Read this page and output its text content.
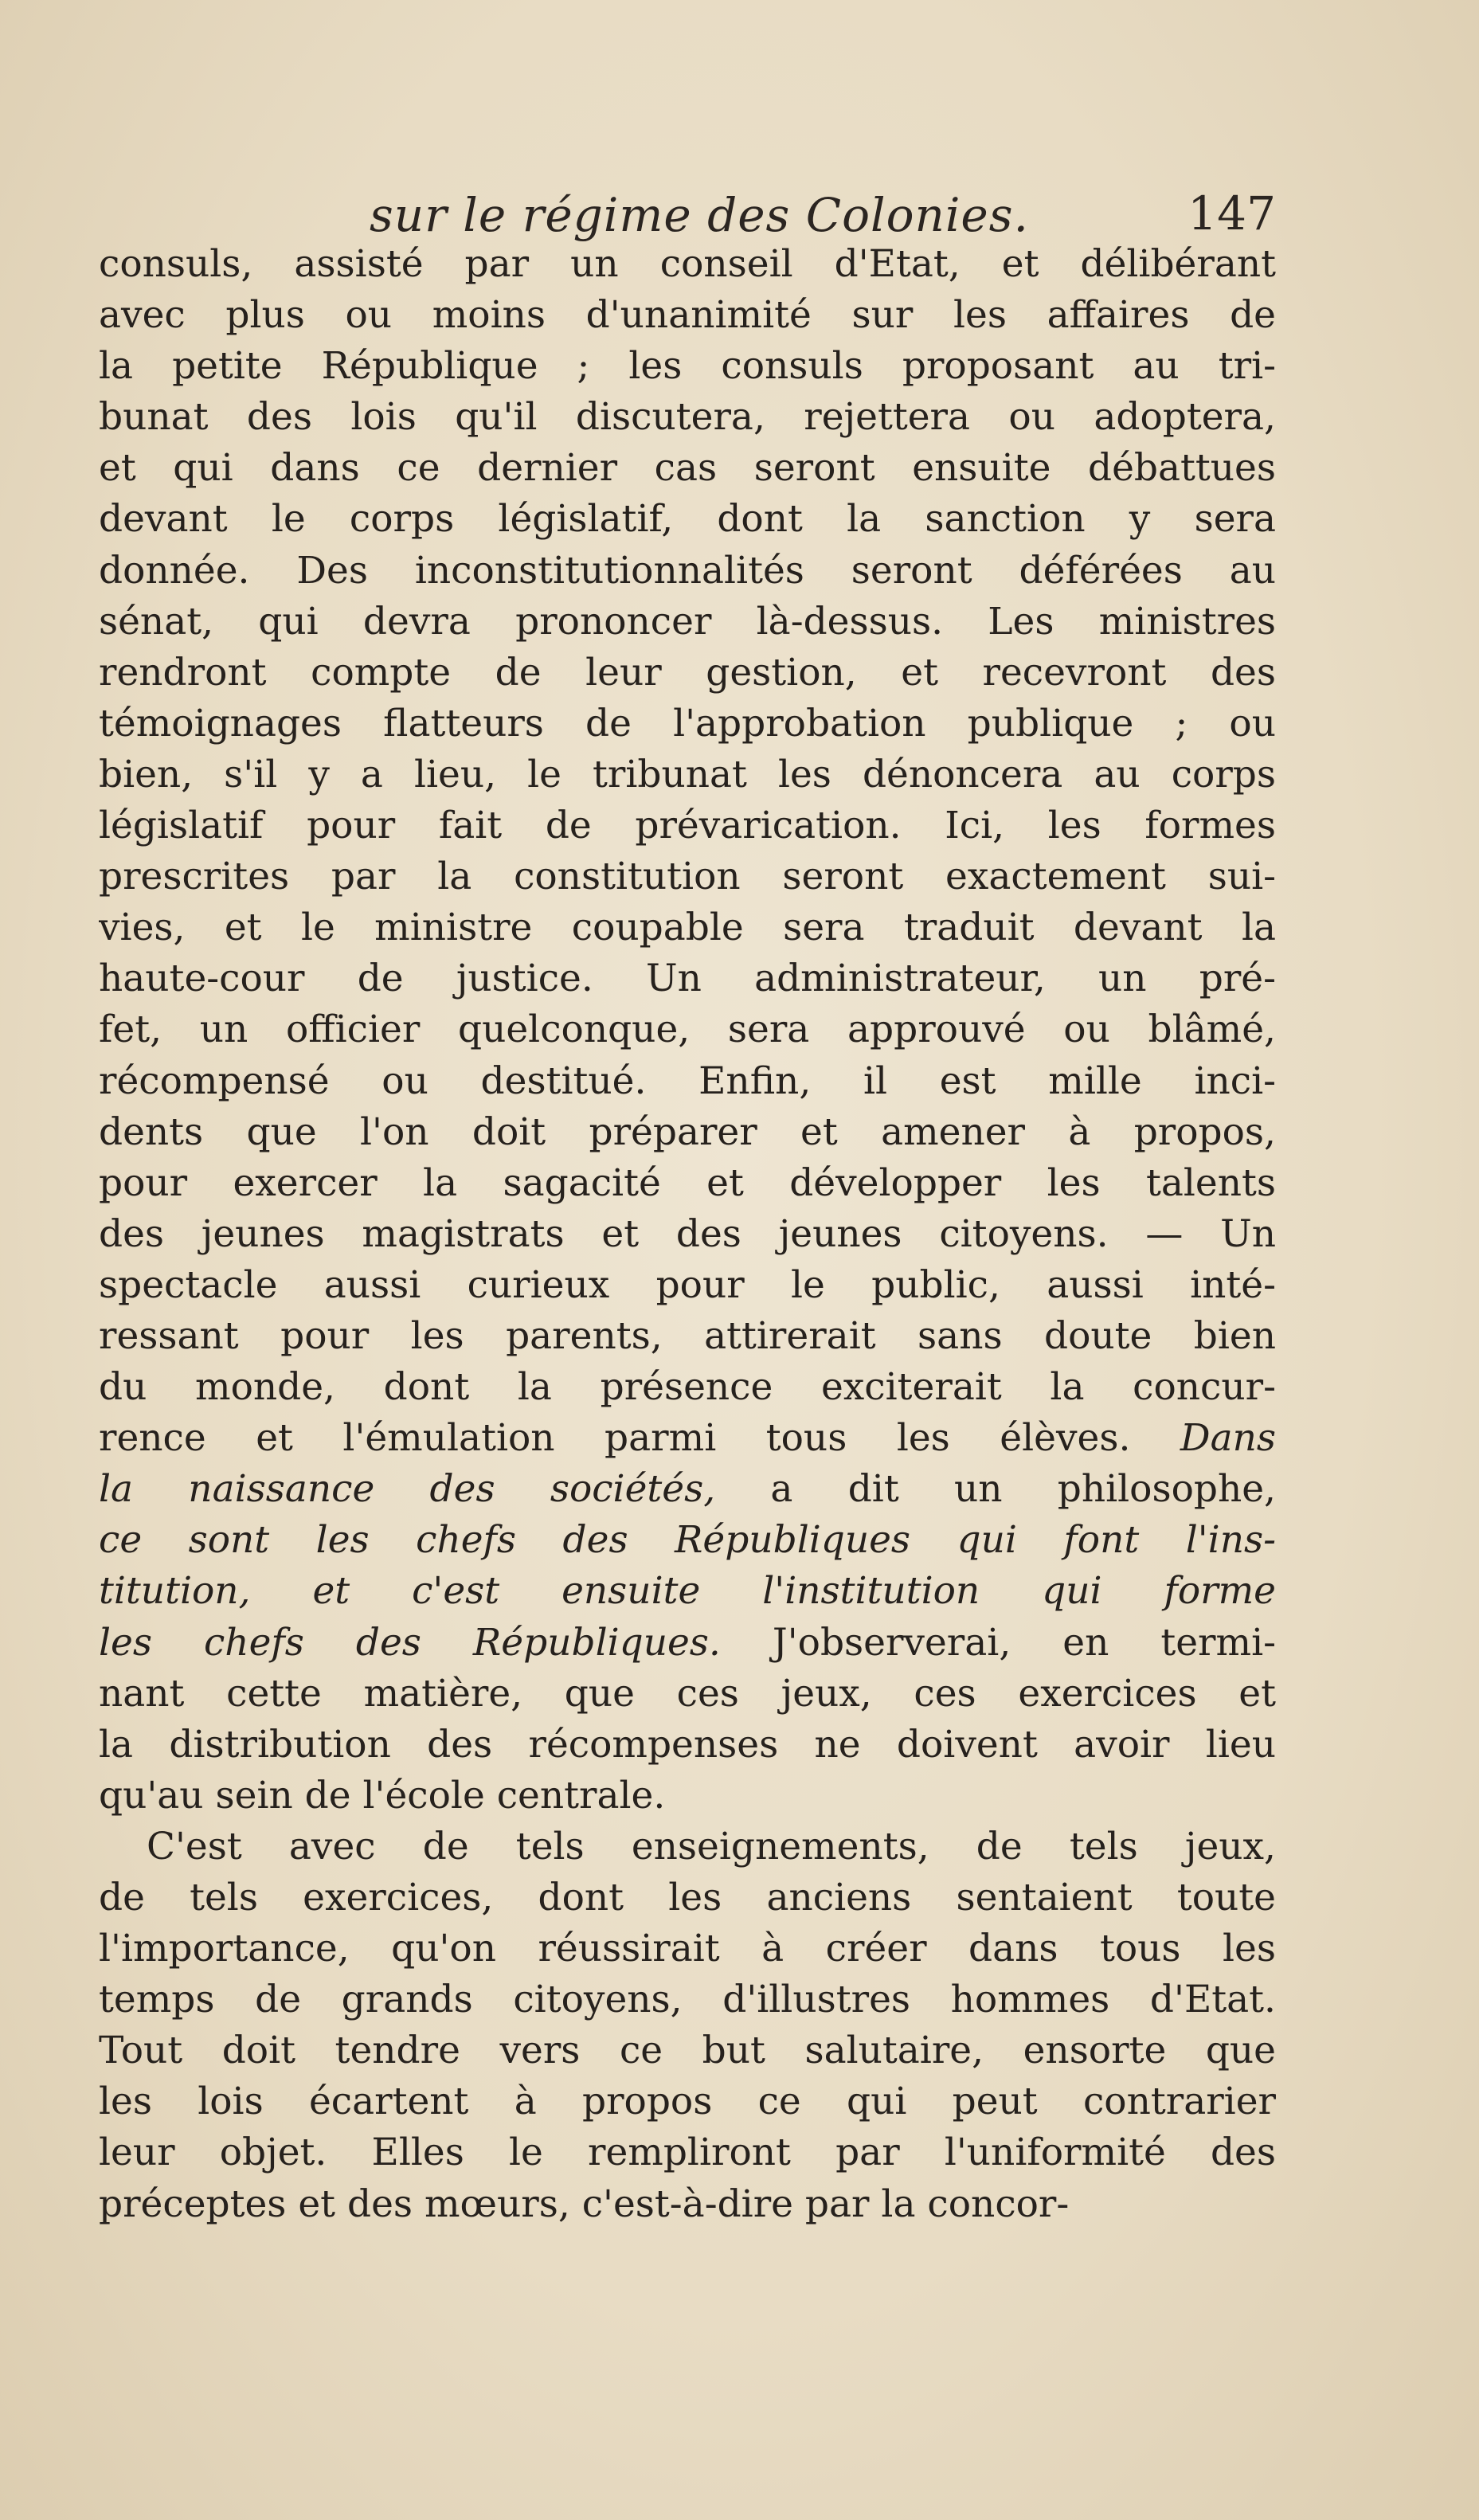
sur le régime des Colonies.	147
consuls, assisté par un conseil d'Etat, et délibérant
avec plus ou moins d'unanimité sur les affaires de
la petite République ; les consuls proposant au tri-
bunat des lois qu'il discutera, rejettera ou adoptera,
et qui dans ce dernier cas seront ensuite débattues
devant le corps législatif, dont la sanction y sera
donnée. Des inconstitutionnalités seront déférées au
sénat, qui devra prononcer là-dessus. Les ministres
rendront compte de leur gestion, et recevront des
témoignages flatteurs de l'approbation publique ; ou
bien, s'il y a lieu, le tribunat les dénoncera au corps
législatif pour fait de prévarication. Ici, les formes
prescrites par la constitution seront exactement sui-
vies, et le ministre coupable sera traduit devant la
haute-cour de justice. Un administrateur, un pré-
fet, un officier quelconque, sera approuvé ou blâmé,
récompensé ou destitué. Enfin, il est mille inci-
dents que l'on doit préparer et amener à propos,
pour exercer la sagacité et développer les talents
des jeunes magistrats et des jeunes citoyens. — Un
spectacle aussi curieux pour le public, aussi inté-
ressant pour les parents, attirerait sans doute bien
du monde, dont la présence exciterait la concur-
rence et l'émulation parmi tous les élèves. Dans
la naissance des sociétés, a dit un philosophe,
ce sont les chefs des Républiques qui font l'ins-
titution, et c'est ensuite l'institution qui forme
les chefs des Républiques. J'observerai, en termi-
nant cette matière, que ces jeux, ces exercices et
la distribution des récompenses ne doivent avoir lieu
qu'au sein de l'école centrale.
C'est avec de tels enseignements, de tels jeux,
de tels exercices, dont les anciens sentaient toute
l'importance, qu'on réussirait à créer dans tous les
temps de grands citoyens, d'illustres hommes d'Etat.
Tout doit tendre vers ce but salutaire, ensorte que
les lois écartent à propos ce qui peut contrarier
leur objet. Elles le rempliront par l'uniformité des
préceptes et des mœurs, c'est-à-dire par la concor-
